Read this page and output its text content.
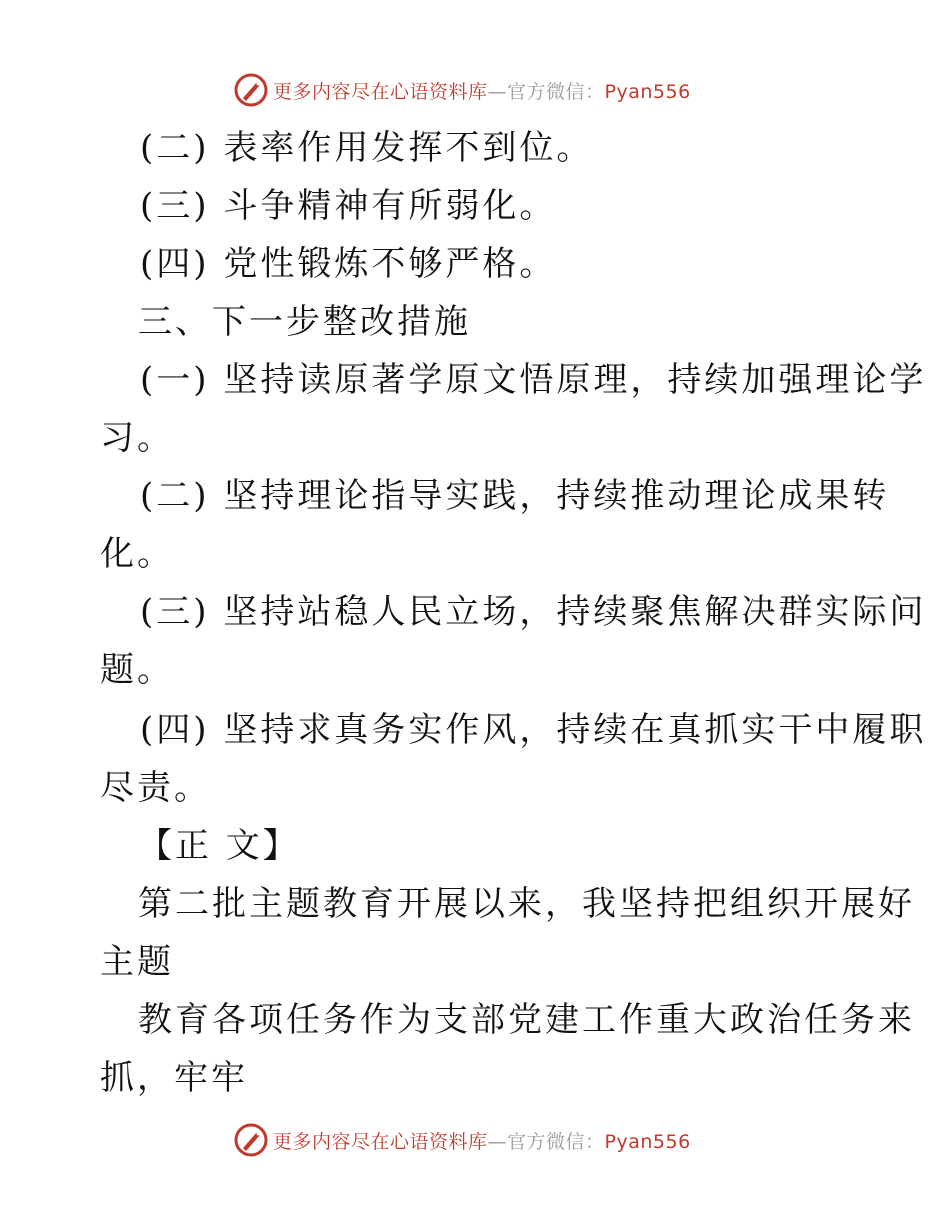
更多内容尽在心语资料库—官方微信：Pyan556
(二) 表率作用发挥不到位。
(三) 斗争精神有所弱化。
(四) 党性锻炼不够严格。
三、下一步整改措施
(一) 坚持读原著学原文悟原理，持续加强理论学
习。
(二) 坚持理论指导实践，持续推动理论成果转
化。
(三) 坚持站稳人民立场，持续聚焦解决群实际问
题。
(四) 坚持求真务实作风，持续在真抓实干中履职
尽责。
【正 文】
第二批主题教育开展以来，我坚持把组织开展好
主题
教育各项任务作为支部党建工作重大政治任务来
抓，牢牢
更多内容尽在心语资料库—官方微信：Pyan556
